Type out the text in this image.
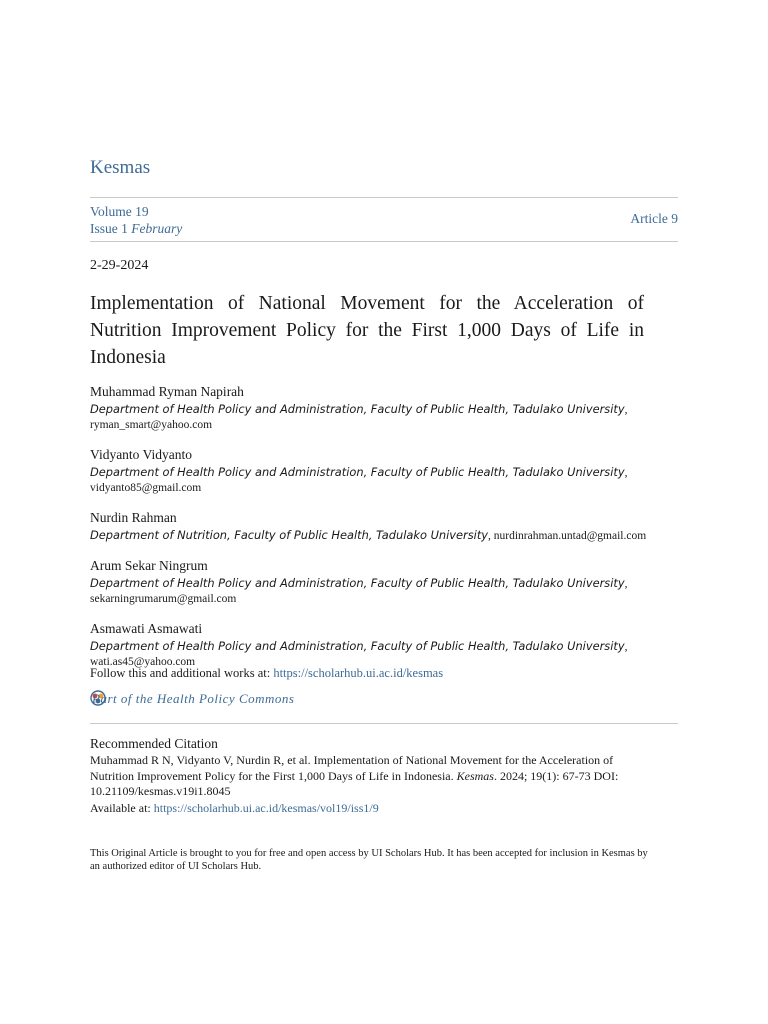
Kesmas
Volume 19
Issue 1 February
Article 9
2-29-2024
Implementation of National Movement for the Acceleration of Nutrition Improvement Policy for the First 1,000 Days of Life in Indonesia
Muhammad Ryman Napirah
Department of Health Policy and Administration, Faculty of Public Health, Tadulako University,
ryman_smart@yahoo.com
Vidyanto Vidyanto
Department of Health Policy and Administration, Faculty of Public Health, Tadulako University,
vidyanto85@gmail.com
Nurdin Rahman
Department of Nutrition, Faculty of Public Health, Tadulako University, nurdinrahman.untad@gmail.com
Arum Sekar Ningrum
Department of Health Policy and Administration, Faculty of Public Health, Tadulako University,
sekarningrumarum@gmail.com
Asmawati Asmawati
Department of Health Policy and Administration, Faculty of Public Health, Tadulako University,
wati.as45@yahoo.com
Follow this and additional works at: https://scholarhub.ui.ac.id/kesmas
Part of the Health Policy Commons
Recommended Citation
Muhammad R N, Vidyanto V, Nurdin R, et al. Implementation of National Movement for the Acceleration of Nutrition Improvement Policy for the First 1,000 Days of Life in Indonesia. Kesmas. 2024; 19(1): 67-73 DOI: 10.21109/kesmas.v19i1.8045
Available at: https://scholarhub.ui.ac.id/kesmas/vol19/iss1/9
This Original Article is brought to you for free and open access by UI Scholars Hub. It has been accepted for inclusion in Kesmas by an authorized editor of UI Scholars Hub.
